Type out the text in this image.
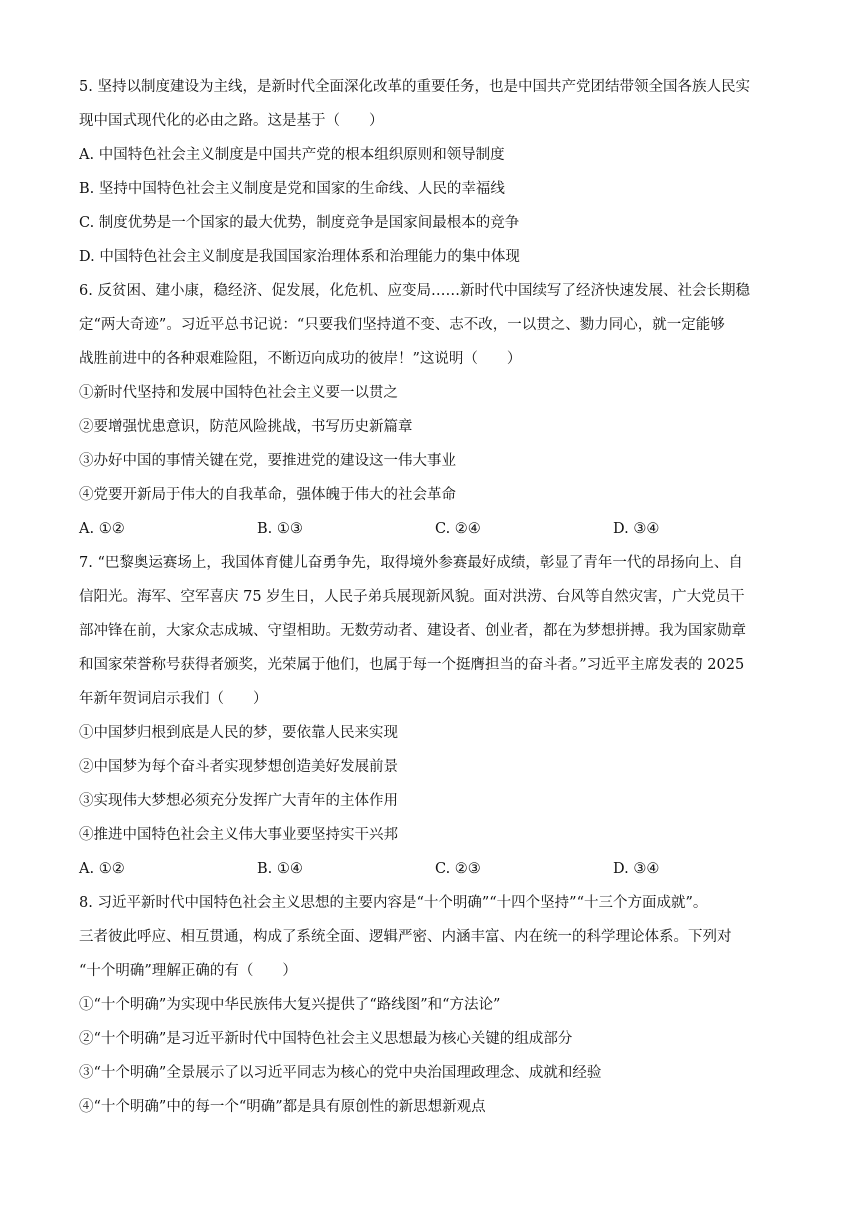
5. 坚持以制度建设为主线，是新时代全面深化改革的重要任务，也是中国共产党团结带领全国各族人民实
现中国式现代化的必由之路。这是基于（　　）
A. 中国特色社会主义制度是中国共产党的根本组织原则和领导制度
B. 坚持中国特色社会主义制度是党和国家的生命线、人民的幸福线
C. 制度优势是一个国家的最大优势，制度竞争是国家间最根本的竞争
D. 中国特色社会主义制度是我国国家治理体系和治理能力的集中体现
6. 反贫困、建小康，稳经济、促发展，化危机、应变局……新时代中国续写了经济快速发展、社会长期稳
定“两大奇迹”。习近平总书记说：“只要我们坚持道不变、志不改，一以贯之、勠力同心，就一定能够
战胜前进中的各种艰难险阻，不断迈向成功的彼岸！”这说明（　　）
①新时代坚持和发展中国特色社会主义要一以贯之
②要增强忧患意识，防范风险挑战，书写历史新篇章
③办好中国的事情关键在党，要推进党的建设这一伟大事业
④党要开新局于伟大的自我革命，强体魄于伟大的社会革命
A. ①②	B. ①③	C. ②④	D. ③④
7. “巴黎奥运赛场上，我国体育健儿奋勇争先，取得境外参赛最好成绩，彰显了青年一代的昂扬向上、自
信阳光。海军、空军喜庆 75 岁生日，人民子弟兵展现新风貌。面对洪涝、台风等自然灾害，广大党员干
部冲锋在前，大家众志成城、守望相助。无数劳动者、建设者、创业者，都在为梦想拼搏。我为国家勋章
和国家荣誉称号获得者颁奖，光荣属于他们，也属于每一个挺膺担当的奋斗者。”习近平主席发表的 2025
年新年贺词启示我们（　　）
①中国梦归根到底是人民的梦，要依靠人民来实现
②中国梦为每个奋斗者实现梦想创造美好发展前景
③实现伟大梦想必须充分发挥广大青年的主体作用
④推进中国特色社会主义伟大事业要坚持实干兴邦
A. ①②	B. ①④	C. ②③	D. ③④
8. 习近平新时代中国特色社会主义思想的主要内容是“十个明确”“十四个坚持”“十三个方面成就”。
三者彼此呼应、相互贯通，构成了系统全面、逻辑严密、内涵丰富、内在统一的科学理论体系。下列对
“十个明确”理解正确的有（　　）
①“十个明确”为实现中华民族伟大复兴提供了“路线图”和“方法论”
②“十个明确”是习近平新时代中国特色社会主义思想最为核心关键的组成部分
③“十个明确”全景展示了以习近平同志为核心的党中央治国理政理念、成就和经验
④“十个明确”中的每一个“明确”都是具有原创性的新思想新观点
